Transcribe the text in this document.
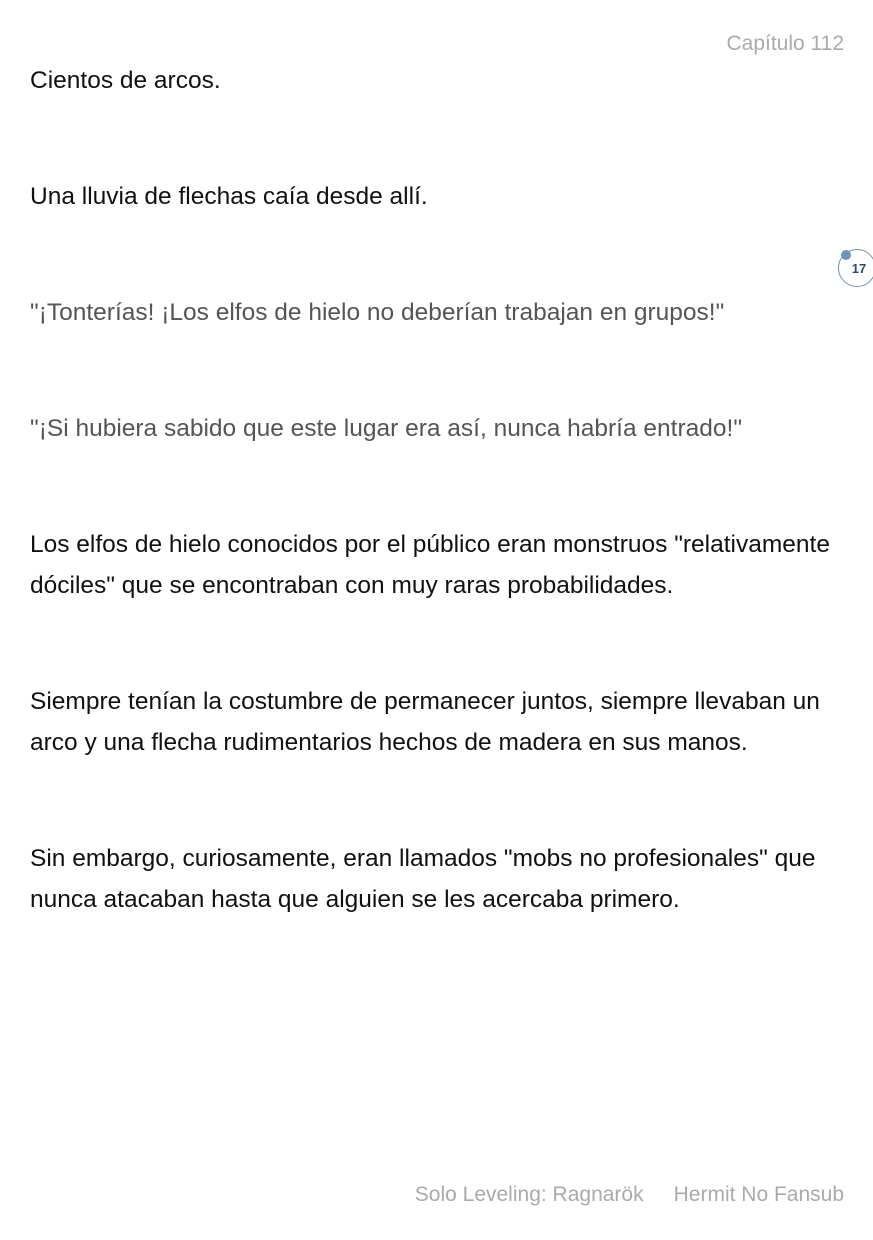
Capítulo 112

Cientos de arcos.

Una lluvia de flechas caía desde allí.

"¡Tonterías! ¡Los elfos de hielo no deberían trabajan en grupos!"

"¡Si hubiera sabido que este lugar era así, nunca habría entrado!"

Los elfos de hielo conocidos por el público eran monstruos "relativamente dóciles" que se encontraban con muy raras probabilidades.

Siempre tenían la costumbre de permanecer juntos, siempre llevaban un arco y una flecha rudimentarios hechos de madera en sus manos.

Sin embargo, curiosamente, eran llamados "mobs no profesionales" que nunca atacaban hasta que alguien se les acercaba primero.

17
Solo Leveling: Ragnarök Hermit No Fansub
